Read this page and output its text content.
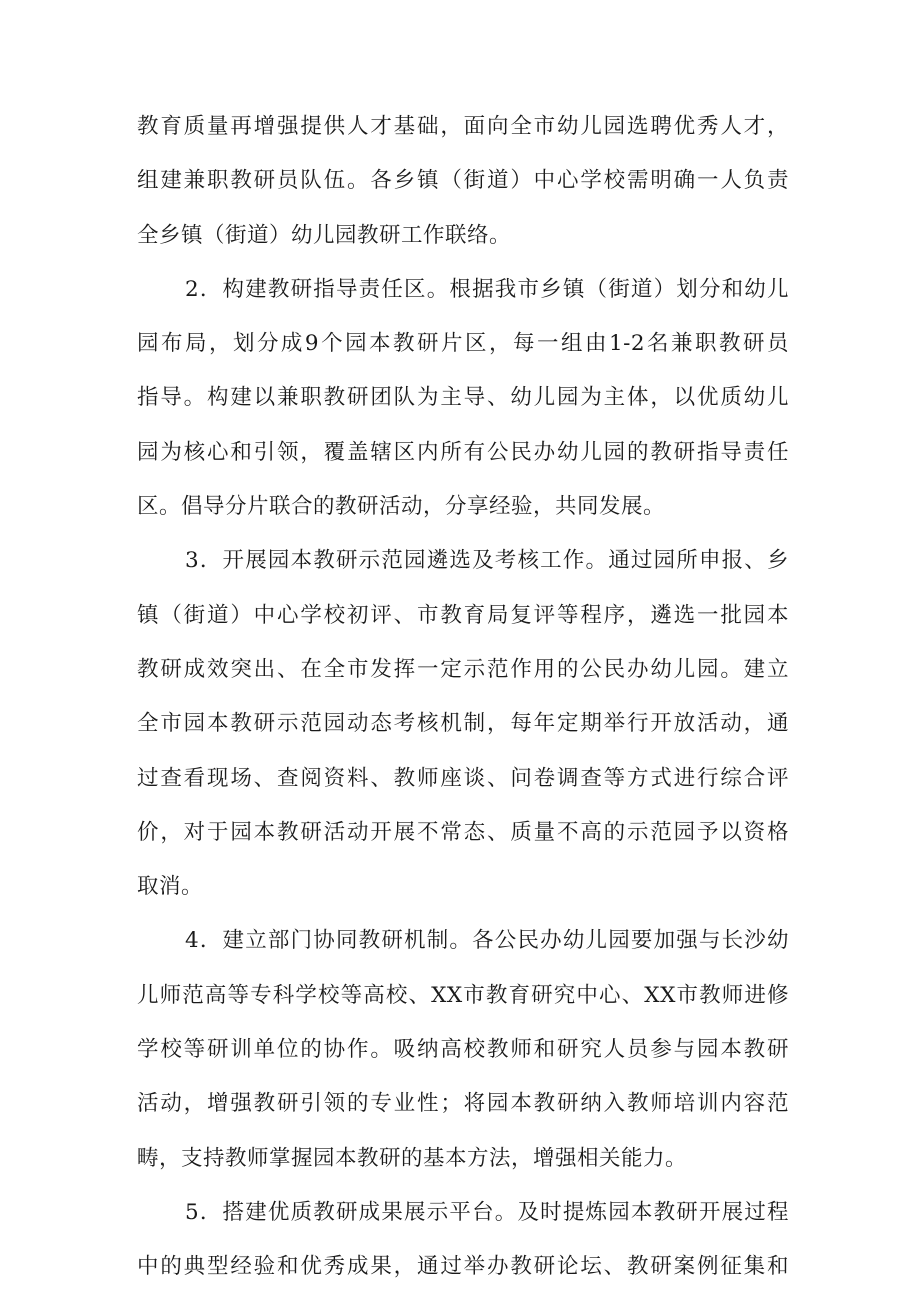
教育质量再增强提供人才基础，面向全市幼儿园选聘优秀人才，
组建兼职教研员队伍。各乡镇（街道）中心学校需明确一人负责
全乡镇（街道）幼儿园教研工作联络。
2．构建教研指导责任区。根据我市乡镇（街道）划分和幼儿
园布局，划分成9个园本教研片区，每一组由1-2名兼职教研员
指导。构建以兼职教研团队为主导、幼儿园为主体，以优质幼儿
园为核心和引领，覆盖辖区内所有公民办幼儿园的教研指导责任
区。倡导分片联合的教研活动，分享经验，共同发展。
3．开展园本教研示范园遴选及考核工作。通过园所申报、乡
镇（街道）中心学校初评、市教育局复评等程序，遴选一批园本
教研成效突出、在全市发挥一定示范作用的公民办幼儿园。建立
全市园本教研示范园动态考核机制，每年定期举行开放活动，通
过查看现场、查阅资料、教师座谈、问卷调查等方式进行综合评
价，对于园本教研活动开展不常态、质量不高的示范园予以资格
取消。
4．建立部门协同教研机制。各公民办幼儿园要加强与长沙幼
儿师范高等专科学校等高校、XX市教育研究中心、XX市教师进修
学校等研训单位的协作。吸纳高校教师和研究人员参与园本教研
活动，增强教研引领的专业性；将园本教研纳入教师培训内容范
畴，支持教师掌握园本教研的基本方法，增强相关能力。
5．搭建优质教研成果展示平台。及时提炼园本教研开展过程
中的典型经验和优秀成果，通过举办教研论坛、教研案例征集和
